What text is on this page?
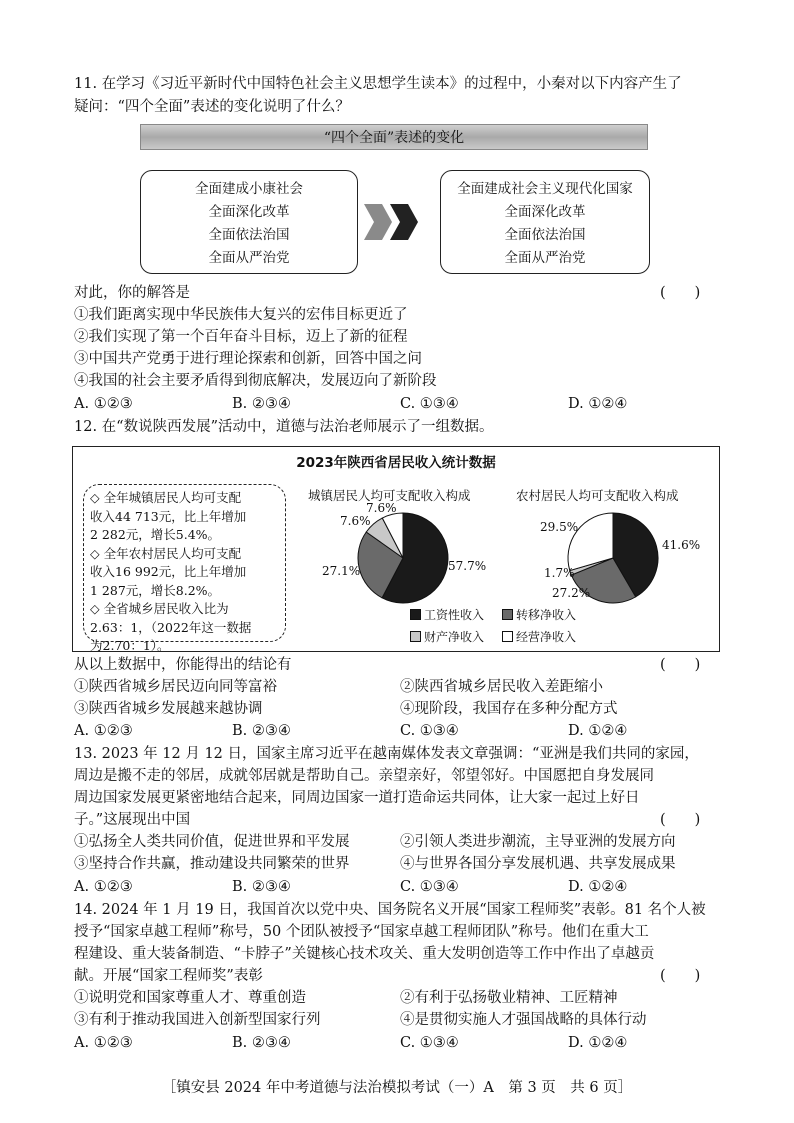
11. 在学习《习近平新时代中国特色社会主义思想学生读本》的过程中，小秦对以下内容产生了
疑问：“四个全面”表述的变化说明了什么？
“四个全面”表述的变化
全面建成小康社会
全面深化改革
全面依法治国
全面从严治党
全面建成社会主义现代化国家
全面深化改革
全面依法治国
全面从严治党
对此，你的解答是	(　　)
①我们距离实现中华民族伟大复兴的宏伟目标更近了
②我们实现了第一个百年奋斗目标，迈上了新的征程
③中国共产党勇于进行理论探索和创新，回答中国之问
④我国的社会主要矛盾得到彻底解决，发展迈向了新阶段
A. ①②③	B. ②③④	C. ①③④	D. ①②④
12. 在“数说陕西发展”活动中，道德与法治老师展示了一组数据。
2023年陕西省居民收入统计数据
◇ 全年城镇居民人均可支配
收入44 713元，比上年增加
2 282元，增长5.4%。
◇ 全年农村居民人均可支配
收入16 992元，比上年增加
1 287元，增长8.2%。
◇ 全省城乡居民收入比为
2.63：1，（2022年这一数据
为2.70：1）。
城镇居民人均可支配收入构成	农村居民人均可支配收入构成
57.7%
27.1%
7.6%
7.6%
41.6%
27.2%
1.7%
29.5%
工资性收入	转移净收入
财产净收入	经营净收入
从以上数据中，你能得出的结论有	(　　)
①陕西省城乡居民迈向同等富裕	②陕西省城乡居民收入差距缩小
③陕西省城乡发展越来越协调	④现阶段，我国存在多种分配方式
A. ①②③	B. ②③④	C. ①③④	D. ①②④
13. 2023 年 12 月 12 日，国家主席习近平在越南媒体发表文章强调：“亚洲是我们共同的家园，
周边是搬不走的邻居，成就邻居就是帮助自己。亲望亲好，邻望邻好。中国愿把自身发展同
周边国家发展更紧密地结合起来，同周边国家一道打造命运共同体，让大家一起过上好日
子。”这展现出中国	(　　)
①弘扬全人类共同价值，促进世界和平发展	②引领人类进步潮流，主导亚洲的发展方向
③坚持合作共赢，推动建设共同繁荣的世界	④与世界各国分享发展机遇、共享发展成果
A. ①②③	B. ②③④	C. ①③④	D. ①②④
14. 2024 年 1 月 19 日，我国首次以党中央、国务院名义开展“国家工程师奖”表彰。81 名个人被
授予“国家卓越工程师”称号，50 个团队被授予“国家卓越工程师团队”称号。他们在重大工
程建设、重大装备制造、“卡脖子”关键核心技术攻关、重大发明创造等工作中作出了卓越贡
献。开展“国家工程师奖”表彰	(　　)
①说明党和国家尊重人才、尊重创造	②有利于弘扬敬业精神、工匠精神
③有利于推动我国进入创新型国家行列	④是贯彻实施人才强国战略的具体行动
A. ①②③	B. ②③④	C. ①③④	D. ①②④
［镇安县 2024 年中考道德与法治模拟考试（一）A　第 3 页　共 6 页］
